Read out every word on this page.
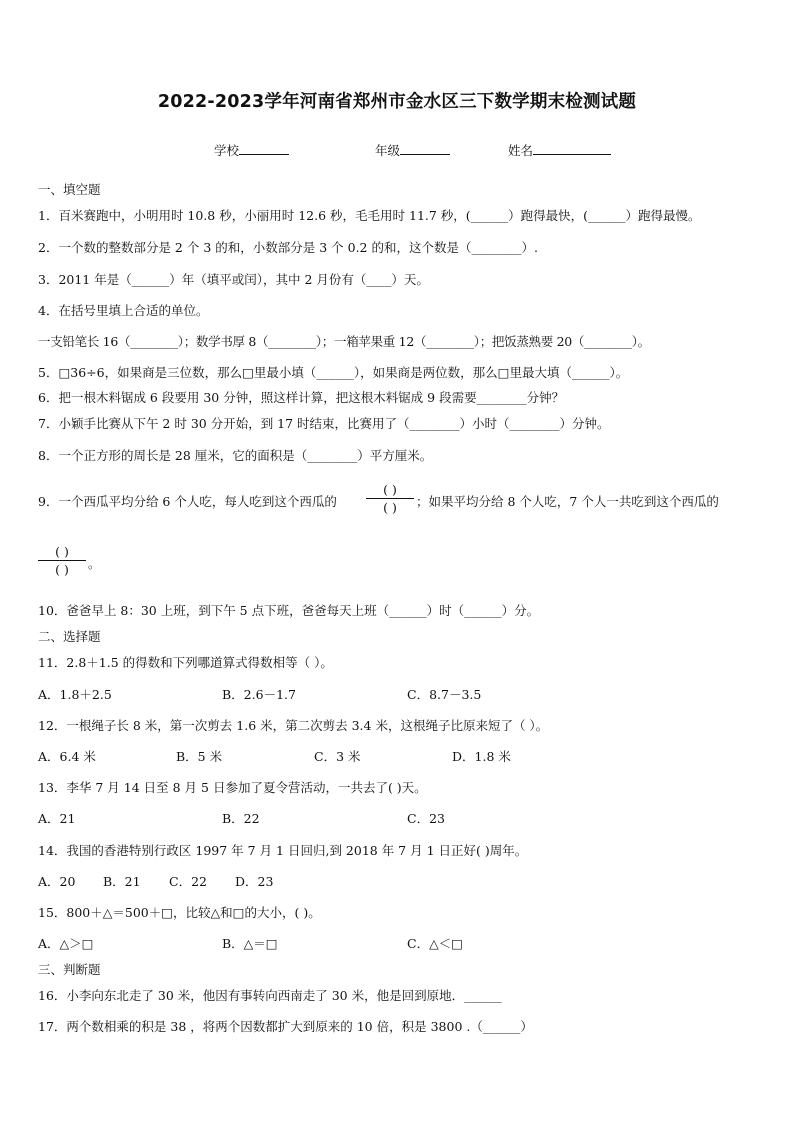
2022-2023学年河南省郑州市金水区三下数学期末检测试题
学校	年级	姓名
一、填空题
1．百米赛跑中，小明用时 10.8 秒，小丽用时 12.6 秒，毛毛用时 11.7 秒，(______）跑得最快，(______）跑得最慢。
2．一个数的整数部分是 2 个 3 的和，小数部分是 3 个 0.2 的和，这个数是（________）.
3．2011 年是（______）年（填平或闰），其中 2 月份有（____）天。
4．在括号里填上合适的单位。
一支铅笔长 16（________）；数学书厚 8（________）；一箱苹果重 12（________）；把饭蒸熟要 20（________）。
5．□36÷6，如果商是三位数，那么□里最小填（______），如果商是两位数，那么□里最大填（______）。
6．把一根木料锯成 6 段要用 30 分钟，照这样计算，把这根木料锯成 9 段需要________分钟？
7．小颖手比赛从下午 2 时 30 分开始，到 17 时结束，比赛用了（________）小时（________）分钟。
8．一个正方形的周长是 28 厘米，它的面积是（________）平方厘米。
9．一个西瓜平均分给 6 个人吃，每人吃到这个西瓜的
( )
( )	；如果平均分给 8 个人吃，7 个人一共吃到这个西瓜的
( )
( )	。
10．爸爸早上 8：30 上班，到下午 5 点下班，爸爸每天上班（______）时（______）分。
二、选择题
11．2.8＋1.5 的得数和下列哪道算式得数相等（ ）。
A．1.8＋2.5	B．2.6－1.7	C．8.7－3.5
12．一根绳子长 8 米，第一次剪去 1.6 米，第二次剪去 3.4 米，这根绳子比原来短了（ ）。
A．6.4 米	B．5 米	C．3 米	D．1.8 米
13．李华 7 月 14 日至 8 月 5 日参加了夏令营活动，一共去了( )天。
A．21	B．22	C．23
14．我国的香港特别行政区 1997 年 7 月 1 日回归,到 2018 年 7 月 1 日正好( )周年。
A．20 B．21 C．22 D．23
15．800＋△＝500＋□，比较△和□的大小，( )。
A．△＞□	B．△＝□	C．△＜□
三、判断题
16．小李向东北走了 30 米，他因有事转向西南走了 30 米，他是回到原地．______
17．两个数相乘的积是 38 ，将两个因数都扩大到原来的 10 倍，积是 3800 .（______）
